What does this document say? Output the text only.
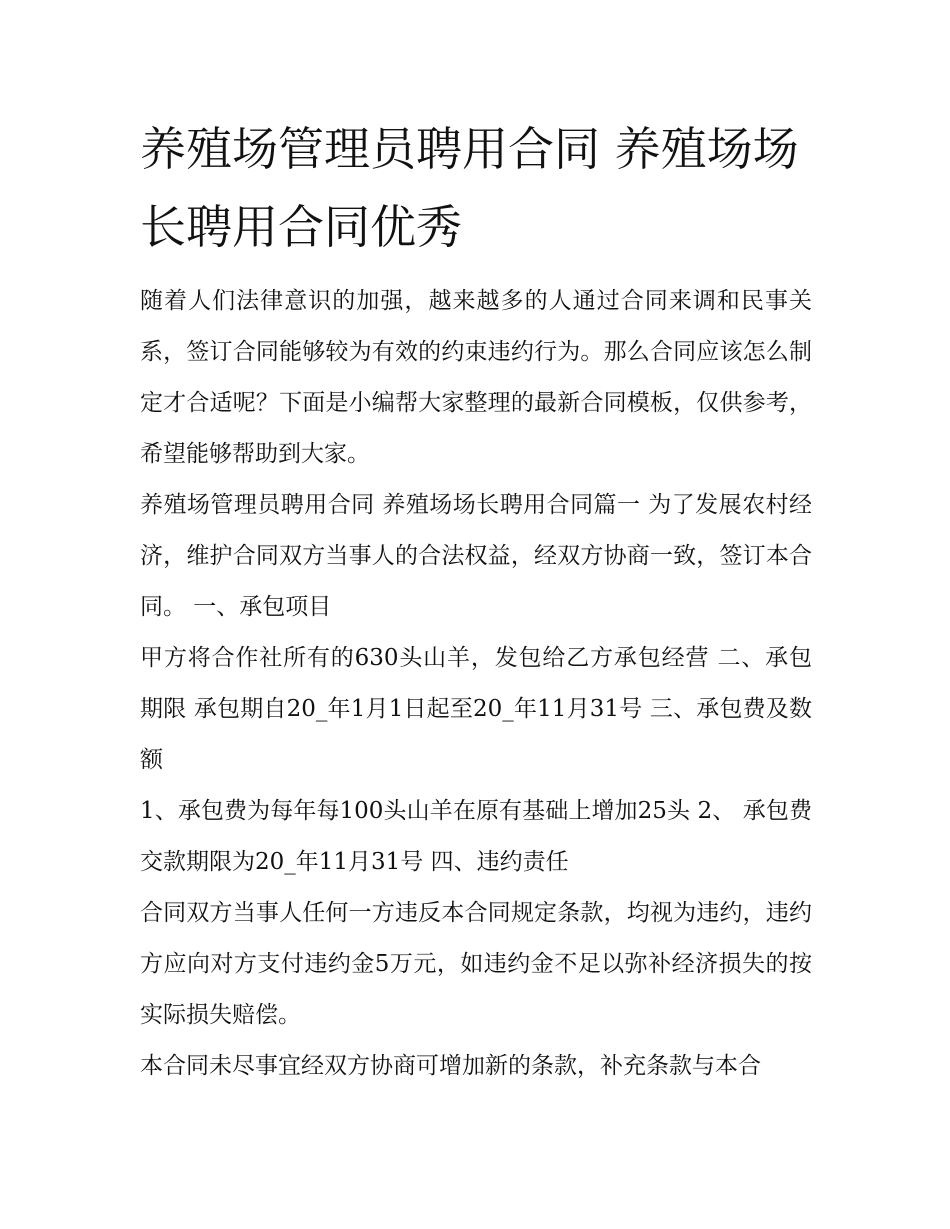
养殖场管理员聘用合同 养殖场场长聘用合同优秀

随着人们法律意识的加强，越来越多的人通过合同来调和民事关系，签订合同能够较为有效的约束违约行为。那么合同应该怎么制定才合适呢？下面是小编帮大家整理的最新合同模板，仅供参考，希望能够帮助到大家。

养殖场管理员聘用合同 养殖场场长聘用合同篇一 为了发展农村经济，维护合同双方当事人的合法权益，经双方协商一致，签订本合同。 一、承包项目

甲方将合作社所有的630头山羊，发包给乙方承包经营 二、承包期限 承包期自20_年1月1日起至20_年11月31号 三、承包费及数额

1、承包费为每年每100头山羊在原有基础上增加25头 2、 承包费交款期限为20_年11月31号 四、违约责任

合同双方当事人任何一方违反本合同规定条款，均视为违约，违约方应向对方支付违约金5万元，如违约金不足以弥补经济损失的按实际损失赔偿。

本合同未尽事宜经双方协商可增加新的条款，补充条款与本合
